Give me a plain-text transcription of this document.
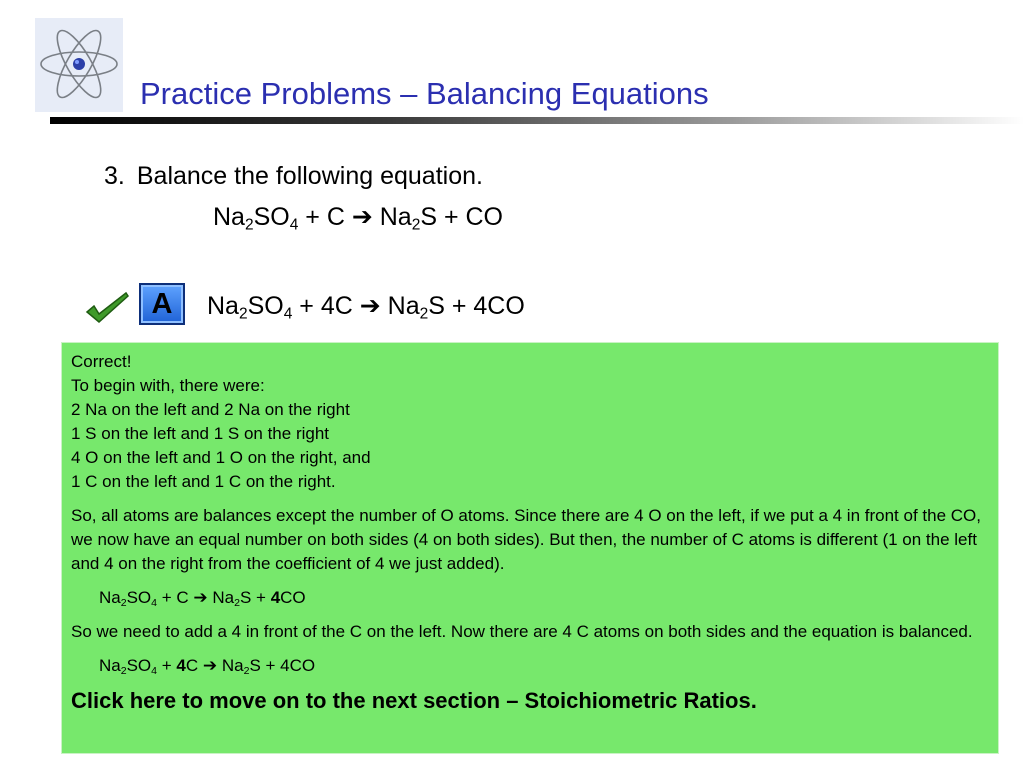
Practice Problems – Balancing Equations
3. Balance the following equation.
$Na_2SO_4 + C$ ➔ $Na_2S$ + CO
A	$Na_2SO_4 + 4C$ ➔ $Na_2S + 4CO$

Correct!

To begin with, there were:

2 Na on the left and 2 Na on the right

1 S on the left and 1 S on the right

4 O on the left and 1 O on the right, and

1 C on the left and 1 C on the right.

So, all atoms are balances except the number of O atoms. Since there are 4 O on the left, if we put a 4 in front of the CO, we now have an equal number on both sides (4 on both sides). But then, the number of C atoms is different (1 on the left and 4 on the right from the coefficient of 4 we just added).

$Na_2SO_4 + C$ ➔ $Na_2S + 4CO$

So we need to add a 4 in front of the C on the left. Now there are 4 C atoms on both sides and the equation is balanced.

$Na_2SO_4 + 4C$ ➔ $Na_2S + 4CO$

Click here to move on to the next section – Stoichiometric Ratios.
